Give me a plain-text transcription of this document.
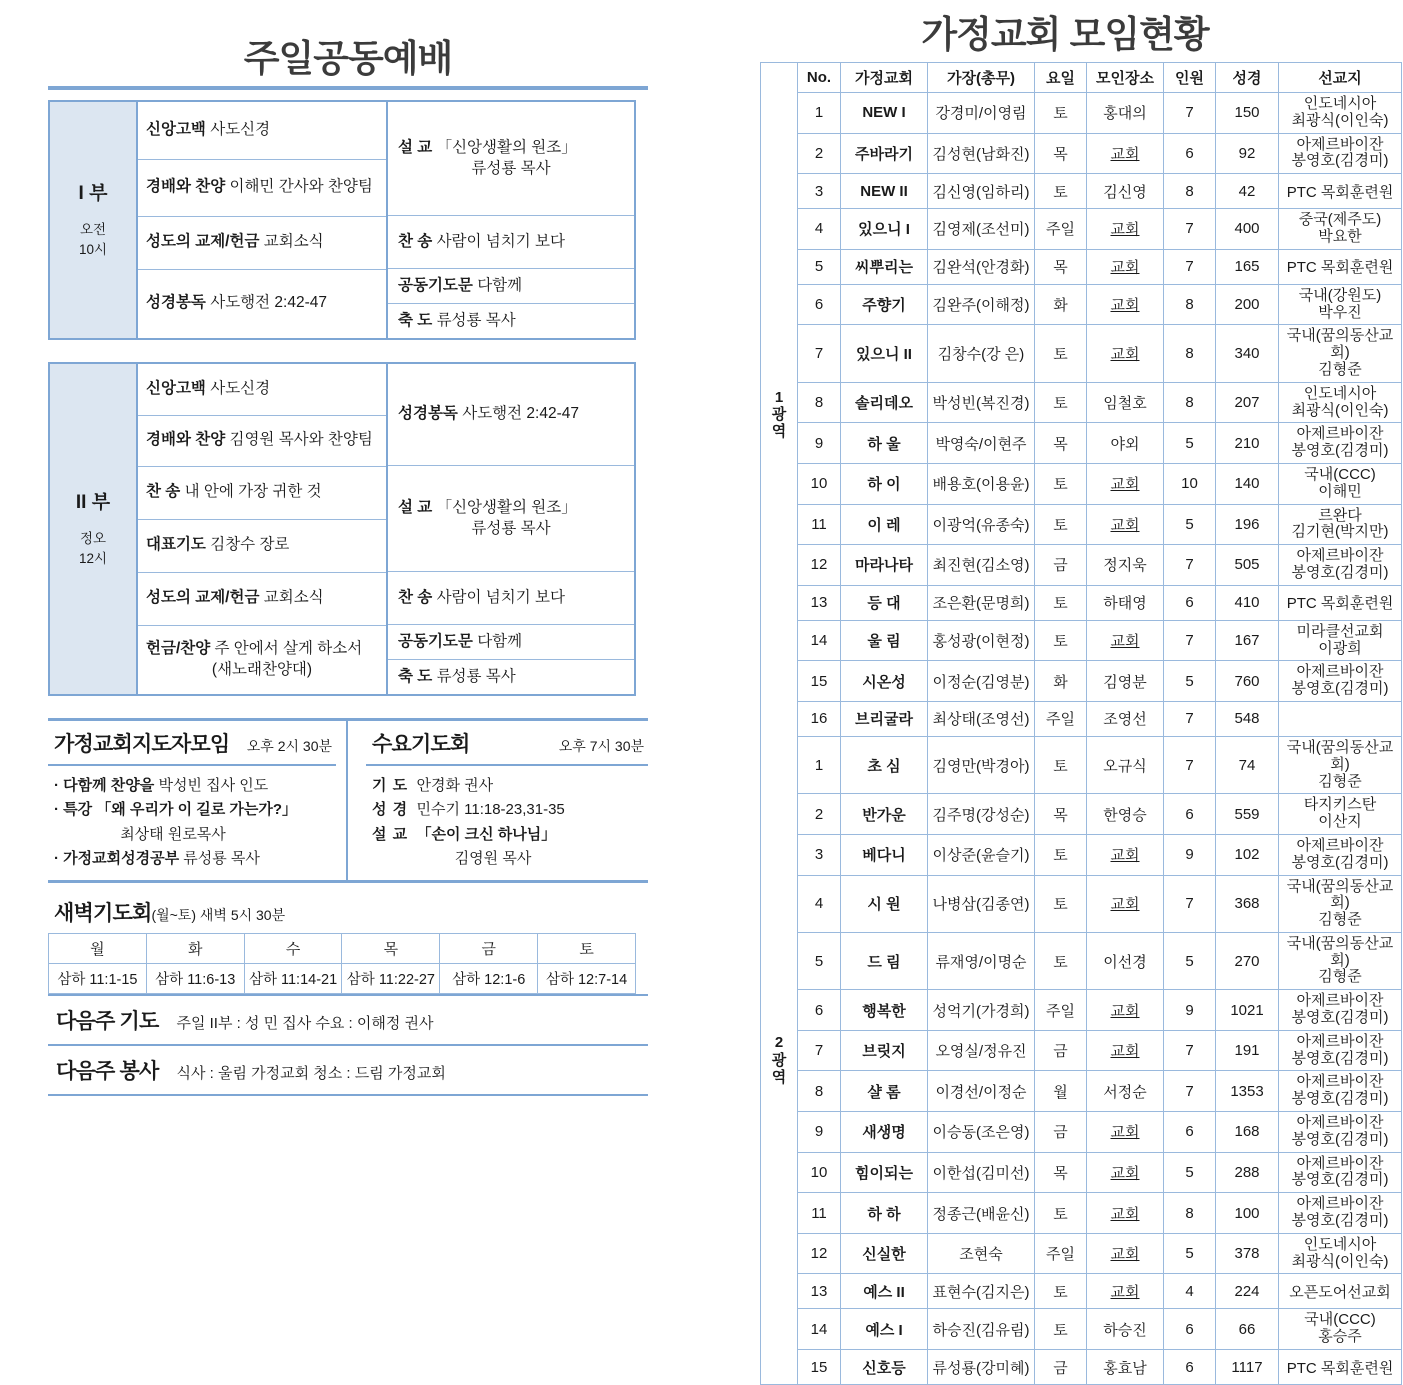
주일공동예배
I 부
오전
10시

신앙고백 사도신경
경배와 찬양 이해민 간사와 찬양팀
성도의 교제/헌금 교회소식
성경봉독 사도행전 2:42-47

설 교 「신앙생활의 원조」
류성룡 목사

찬 송 사람이 넘치기 보다
공동기도문 다함께
축 도 류성룡 목사
II 부
정오
12시

신앙고백 사도신경
경배와 찬양 김영원 목사와 찬양팀
찬 송 내 안에 가장 귀한 것
대표기도 김창수 장로
성도의 교제/헌금 교회소식
헌금/찬양 주 안에서 살게 하소서
(새노래찬양대)

성경봉독 사도행전 2:42-47
설 교 「신앙생활의 원조」
류성룡 목사

찬 송 사람이 넘치기 보다
공동기도문 다함께
축 도 류성룡 목사
가정교회지도자모임	오후 2시 30분
· 다함께 찬양을 박성빈 집사 인도
· 특강 「왜 우리가 이 길로 가는가?」
최상태 원로목사
· 가정교회성경공부 류성룡 목사
수요기도회	오후 7시 30분
기 도 안경화 권사
성 경 민수기 11:18-23,31-35
설 교 「손이 크신 하나님」
김영원 목사
새벽기도회(월~토) 새벽 5시 30분
월	화	수	목	금	토
삼하 11:1-15	삼하 11:6-13	삼하 11:14-21	삼하 11:22-27	삼하 12:1-6	삼하 12:7-14
다음주 기도 주일 II부 : 성 민 집사 수요 : 이해정 권사
다음주 봉사 식사 : 울림 가정교회 청소 : 드림 가정교회
가정교회 모임현황
	No.	가정교회	가장(총무)	요일	모인장소	인원	성경	선교지
1
광
역	1	NEW I	강경미/이영림	토	홍대의	7	150	인도네시아
최광식(이인숙)
	2	주바라기	김성현(남화진)	목	교회	6	92	아제르바이잔
봉영호(김경미)
	3	NEW II	김신영(임하리)	토	김신영	8	42	PTC 목회훈련원
	4	있으니 I	김영제(조선미)	주일	교회	7	400	중국(제주도)
박요한
	5	씨뿌리는	김완석(안경화)	목	교회	7	165	PTC 목회훈련원
	6	주향기	김완주(이해정)	화	교회	8	200	국내(강원도)
박우진
	7	있으니 II	김창수(강 은)	토	교회	8	340	국내(꿈의동산교회)
김형준
	8	솔리데오	박성빈(복진경)	토	임철호	8	207	인도네시아
최광식(이인숙)
	9	하 울	박영숙/이현주	목	야외	5	210	아제르바이잔
봉영호(김경미)
	10	하 이	배용호(이용윤)	토	교회	10	140	국내(CCC)
이해민
	11	이 레	이광억(유종숙)	토	교회	5	196	르완다
김기현(박지만)
	12	마라나타	최진현(김소영)	금	정지욱	7	505	아제르바이잔
봉영호(김경미)
	13	등 대	조은환(문명희)	토	하태영	6	410	PTC 목회훈련원
	14	울 림	홍성광(이현정)	토	교회	7	167	미라클선교회
이광희
	15	시온성	이정순(김영분)	화	김영분	5	760	아제르바이잔
봉영호(김경미)
	16	브리굴라	최상태(조영선)	주일	조영선	7	548	
2
광
역	1	초 심	김영만(박경아)	토	오규식	7	74	국내(꿈의동산교회)
김형준
	2	반가운	김주명(강성순)	목	한영승	6	559	타지키스탄
이산지
	3	베다니	이상준(윤슬기)	토	교회	9	102	아제르바이잔
봉영호(김경미)
	4	시 원	나병삼(김종연)	토	교회	7	368	국내(꿈의동산교회)
김형준
	5	드 림	류재영/이명순	토	이선경	5	270	국내(꿈의동산교회)
김형준
	6	행복한	성억기(가경희)	주일	교회	9	1021	아제르바이잔
봉영호(김경미)
	7	브릿지	오영실/정유진	금	교회	7	191	아제르바이잔
봉영호(김경미)
	8	샬 롬	이경선/이정순	월	서정순	7	1353	아제르바이잔
봉영호(김경미)
	9	새생명	이승동(조은영)	금	교회	6	168	아제르바이잔
봉영호(김경미)
	10	힘이되는	이한섭(김미선)	목	교회	5	288	아제르바이잔
봉영호(김경미)
	11	하 하	정종근(배윤신)	토	교회	8	100	아제르바이잔
봉영호(김경미)
	12	신실한	조현숙	주일	교회	5	378	인도네시아
최광식(이인숙)
	13	예스 II	표현수(김지은)	토	교회	4	224	오픈도어선교회
	14	예스 I	하승진(김유림)	토	하승진	6	66	국내(CCC)
홍승주
	15	신호등	류성룡(강미혜)	금	홍효남	6	1117	PTC 목회훈련원
